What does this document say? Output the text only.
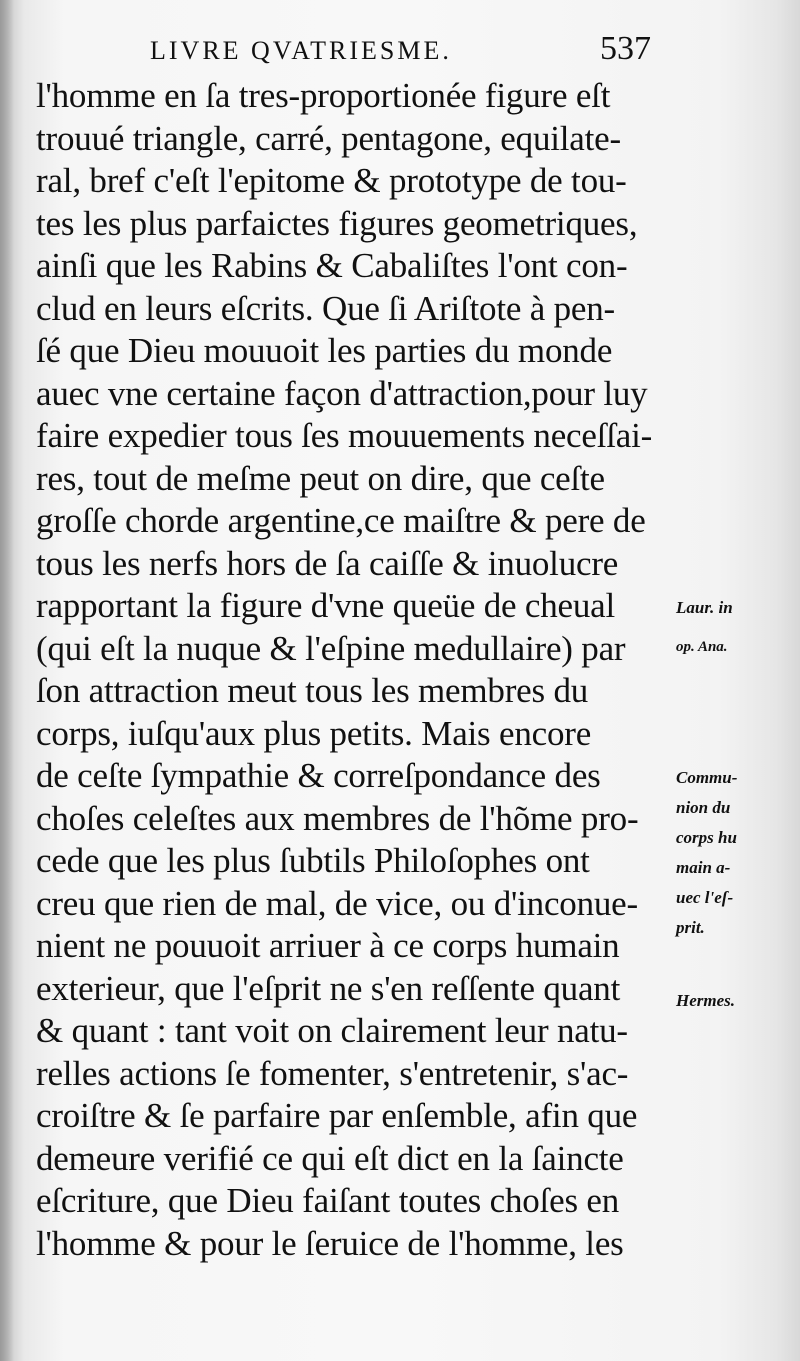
LIVRE QVATRIESME.	537
l'homme en ſa tres-proportionée figure eſt
trouué triangle, carré, pentagone, equilate-
ral, bref c'eſt l'epitome & prototype de tou-
tes les plus parfaictes figures geometriques,
ainſi que les Rabins & Cabaliſtes l'ont con-
clud en leurs eſcrits. Que ſi Ariſtote à pen-
ſé que Dieu mouuoit les parties du monde
auec vne certaine façon d'attraction,pour luy
faire expedier tous ſes mouuements neceſſai-
res, tout de meſme peut on dire, que ceſte
groſſe chorde argentine,ce maiſtre & pere de
tous les nerfs hors de ſa caiſſe & inuolucre
rapportant la figure d'vne queüe de cheual
(qui eſt la nuque & l'eſpine medullaire) par
ſon attraction meut tous les membres du
corps, iuſqu'aux plus petits. Mais encore
de ceſte ſympathie & correſpondance des
choſes celeſtes aux membres de l'hõme pro-
cede que les plus ſubtils Philoſophes ont
creu que rien de mal, de vice, ou d'inconue-
nient ne pouuoit arriuer à ce corps humain
exterieur, que l'eſprit ne s'en reſſente quant
& quant : tant voit on clairement leur natu-
relles actions ſe fomenter, s'entretenir, s'ac-
croiſtre & ſe parfaire par enſemble, afin que
demeure verifié ce qui eſt dict en la ſaincte
eſcriture, que Dieu faiſant toutes choſes en
l'homme & pour le ſeruice de l'homme, les
Laur. in
op. Ana.
Commu-
nion du
corps hu
main a-
uec l'eſ-
prit.
Hermes.
